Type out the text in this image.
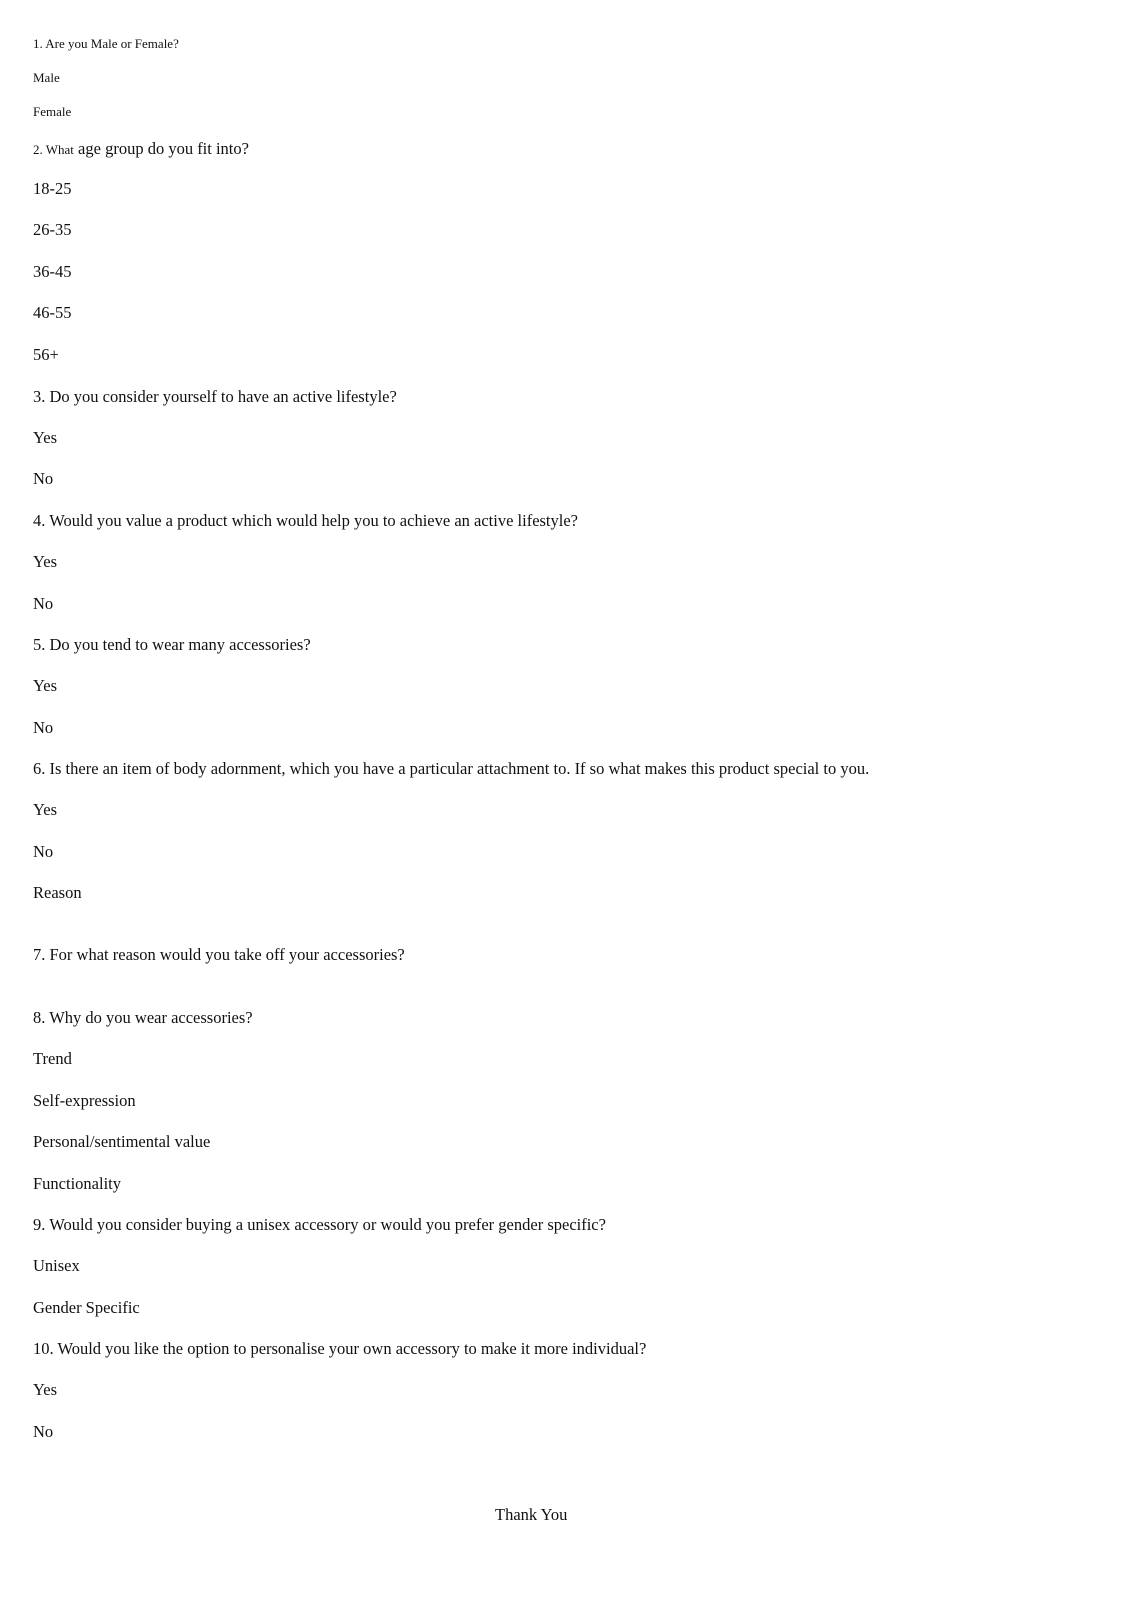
1. Are you Male or Female?
Male
Female
2. What age group do you fit into?
18-25
26-35
36-45
46-55
56+
3. Do you consider yourself to have an active lifestyle?
Yes
No
4. Would you value a product which would help you to achieve an active lifestyle?
Yes
No
5. Do you tend to wear many accessories?
Yes
No
6. Is there an item of body adornment, which you have a particular attachment to. If so what makes this product special to you.
Yes
No
Reason
7. For what reason would you take off your accessories?
8. Why do you wear accessories?
Trend
Self-expression
Personal/sentimental value
Functionality
9. Would you consider buying a unisex accessory or would you prefer gender specific?
Unisex
Gender Specific
10. Would you like the option to personalise your own accessory to make it more individual?
Yes
No
Thank You
